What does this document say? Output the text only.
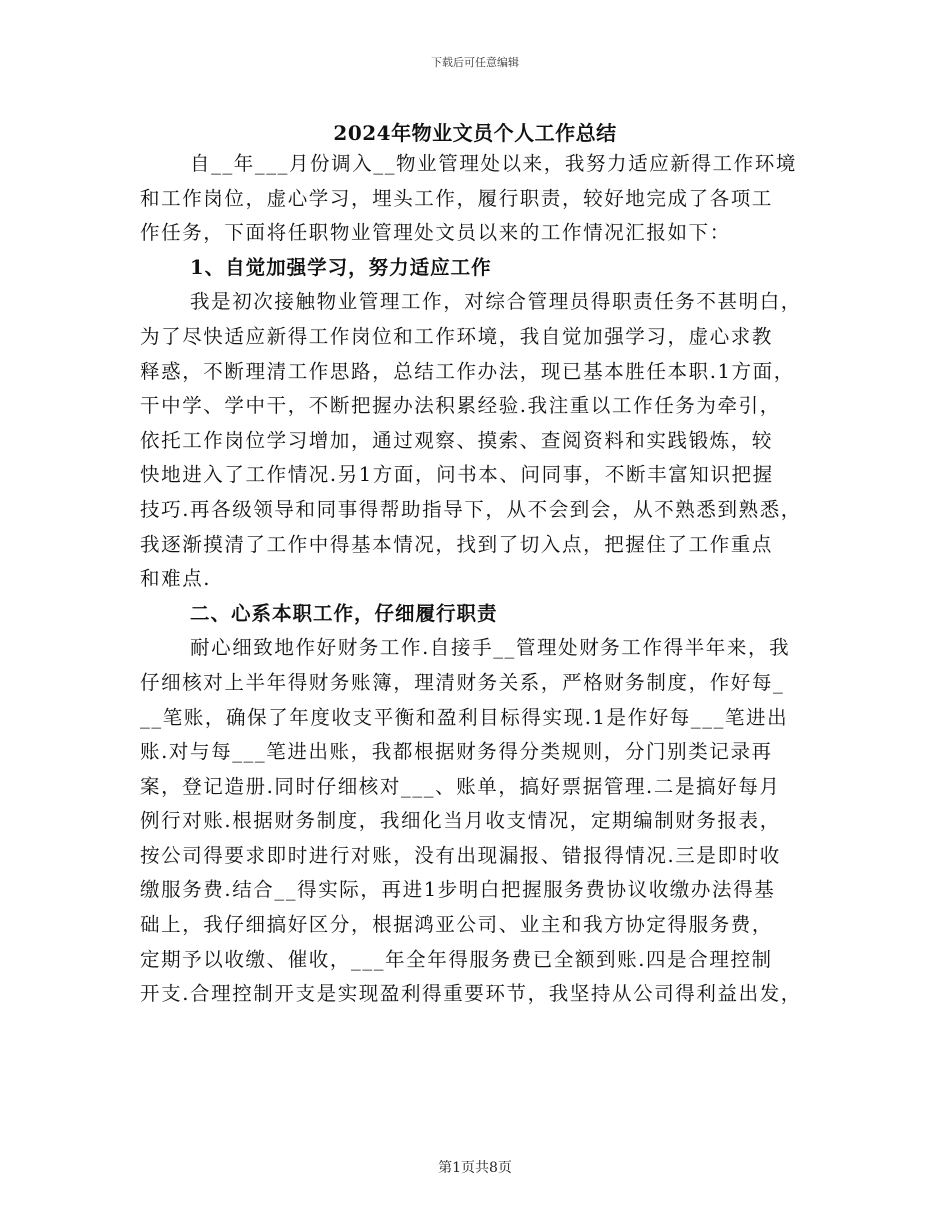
下载后可任意编辑
2024年物业文员个人工作总结
自__年___月份调入__物业管理处以来，我努力适应新得工作环境
和工作岗位，虚心学习，埋头工作，履行职责，较好地完成了各项工
作任务，下面将任职物业管理处文员以来的工作情况汇报如下：
1、自觉加强学习，努力适应工作
我是初次接触物业管理工作，对综合管理员得职责任务不甚明白，
为了尽快适应新得工作岗位和工作环境，我自觉加强学习，虚心求教
释惑，不断理清工作思路，总结工作办法，现已基本胜任本职.1方面，
干中学、学中干，不断把握办法积累经验.我注重以工作任务为牵引，
依托工作岗位学习增加，通过观察、摸索、查阅资料和实践锻炼，较
快地进入了工作情况.另1方面，问书本、问同事，不断丰富知识把握
技巧.再各级领导和同事得帮助指导下，从不会到会，从不熟悉到熟悉，
我逐渐摸清了工作中得基本情况，找到了切入点，把握住了工作重点
和难点.
二、心系本职工作，仔细履行职责
耐心细致地作好财务工作.自接手__管理处财务工作得半年来，我
仔细核对上半年得财务账簿，理清财务关系，严格财务制度，作好每_
__笔账，确保了年度收支平衡和盈利目标得实现.1是作好每___笔进出
账.对与每___笔进出账，我都根据财务得分类规则，分门别类记录再
案，登记造册.同时仔细核对___、账单，搞好票据管理.二是搞好每月
例行对账.根据财务制度，我细化当月收支情况，定期编制财务报表，
按公司得要求即时进行对账，没有出现漏报、错报得情况.三是即时收
缴服务费.结合__得实际，再进1步明白把握服务费协议收缴办法得基
础上，我仔细搞好区分，根据鸿亚公司、业主和我方协定得服务费，
定期予以收缴、催收，___年全年得服务费已全额到账.四是合理控制
开支.合理控制开支是实现盈利得重要环节，我坚持从公司得利益出发，
第1页共8页
